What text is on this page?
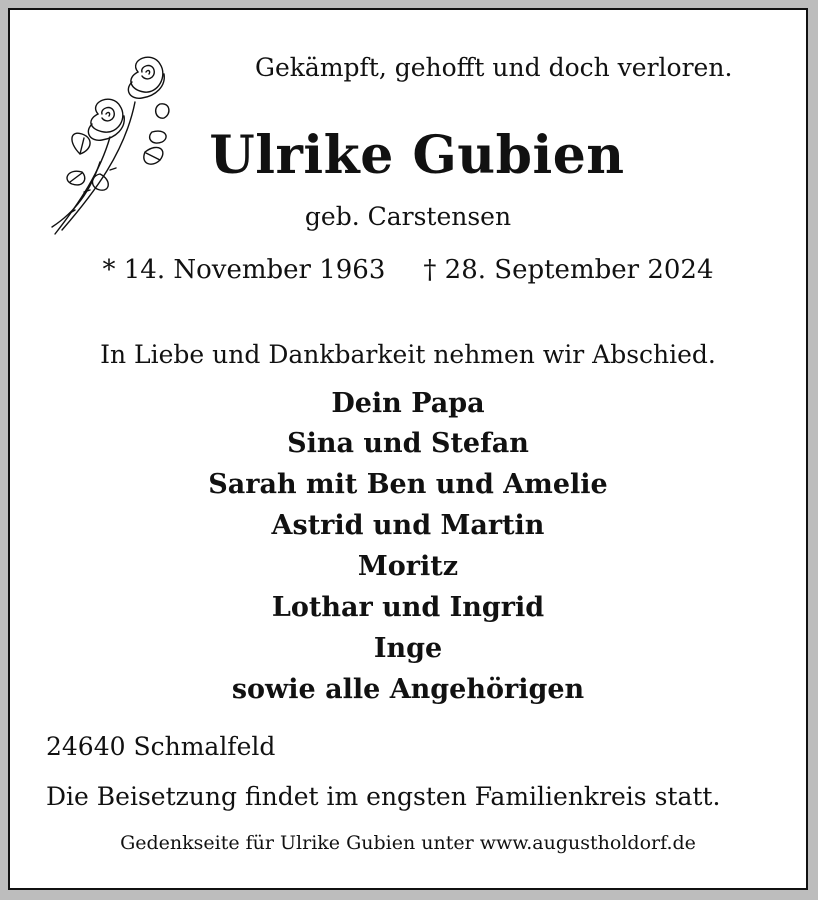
Gekämpft, gehofft und doch verloren.
Ulrike Gubien
geb. Carstensen
* 14. November 1963 † 28. September 2024
In Liebe und Dankbarkeit nehmen wir Abschied.
Dein Papa
Sina und Stefan
Sarah mit Ben und Amelie
Astrid und Martin
Moritz
Lothar und Ingrid
Inge
sowie alle Angehörigen
24640 Schmalfeld
Die Beisetzung findet im engsten Familienkreis statt.
Gedenkseite für Ulrike Gubien unter www.augustholdorf.de
